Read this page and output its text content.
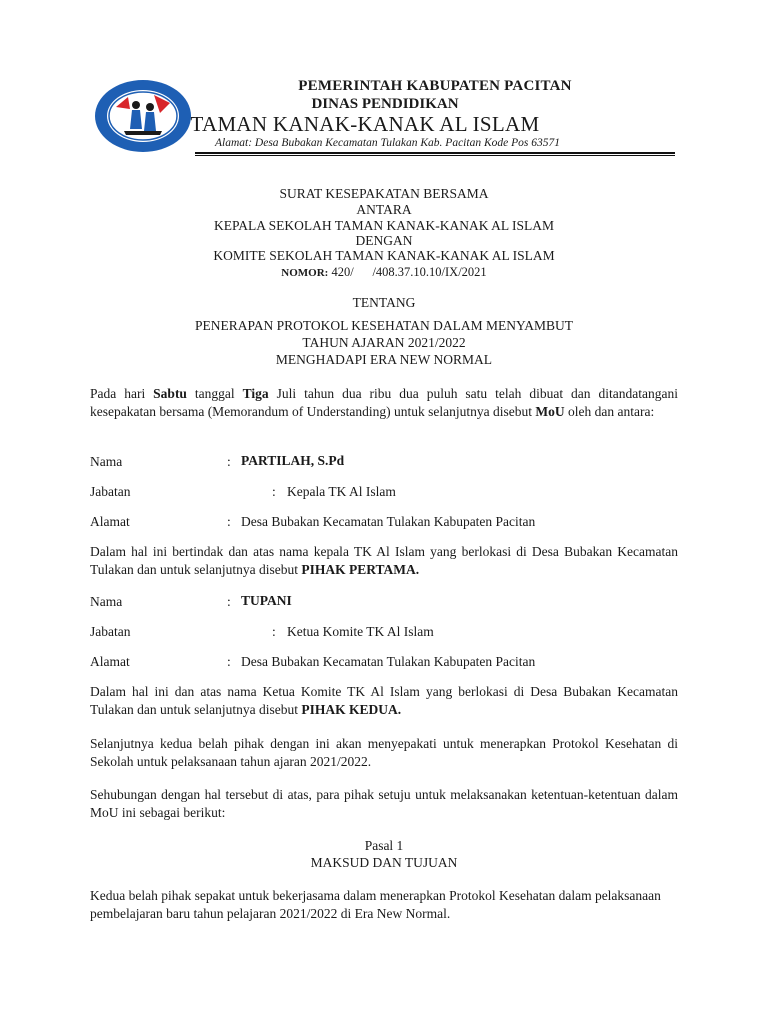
PEMERINTAH KABUPATEN PACITAN
DINAS PENDIDIKAN
TAMAN KANAK-KANAK AL ISLAM
Alamat: Desa Bubakan Kecamatan Tulakan Kab. Pacitan Kode Pos 63571
SURAT KESEPAKATAN BERSAMA
ANTARA
KEPALA SEKOLAH TAMAN KANAK-KANAK AL ISLAM
DENGAN
KOMITE SEKOLAH TAMAN KANAK-KANAK AL ISLAM
NOMOR: 420/      /408.37.10.10/IX/2021
TENTANG
PENERAPAN PROTOKOL KESEHATAN DALAM MENYAMBUT
TAHUN AJARAN 2021/2022
MENGHADAPI ERA NEW NORMAL
Pada hari Sabtu tanggal Tiga Juli tahun dua ribu dua puluh satu telah dibuat dan ditandatangani kesepakatan bersama (Memorandum of Understanding) untuk selanjutnya disebut MoU oleh dan antara:
Nama	: PARTILAH, S.Pd
Jabatan	: Kepala TK Al Islam
Alamat	: Desa Bubakan Kecamatan Tulakan Kabupaten Pacitan
Dalam hal ini bertindak dan atas nama kepala TK Al Islam yang berlokasi di Desa Bubakan Kecamatan Tulakan dan untuk selanjutnya disebut PIHAK PERTAMA.
Nama	: TUPANI
Jabatan	: Ketua Komite TK Al Islam
Alamat	: Desa Bubakan Kecamatan Tulakan Kabupaten Pacitan
Dalam hal ini dan atas nama Ketua Komite TK Al Islam yang berlokasi di Desa Bubakan Kecamatan Tulakan dan untuk selanjutnya disebut PIHAK KEDUA.
Selanjutnya kedua belah pihak dengan ini akan menyepakati untuk menerapkan Protokol Kesehatan di Sekolah untuk pelaksanaan tahun ajaran 2021/2022.
Sehubungan dengan hal tersebut di atas, para pihak setuju untuk melaksanakan ketentuan-ketentuan dalam MoU ini sebagai berikut:
Pasal 1
MAKSUD DAN TUJUAN
Kedua belah pihak sepakat untuk bekerjasama dalam menerapkan Protokol Kesehatan dalam pelaksanaan pembelajaran baru tahun pelajaran 2021/2022 di Era New Normal.
